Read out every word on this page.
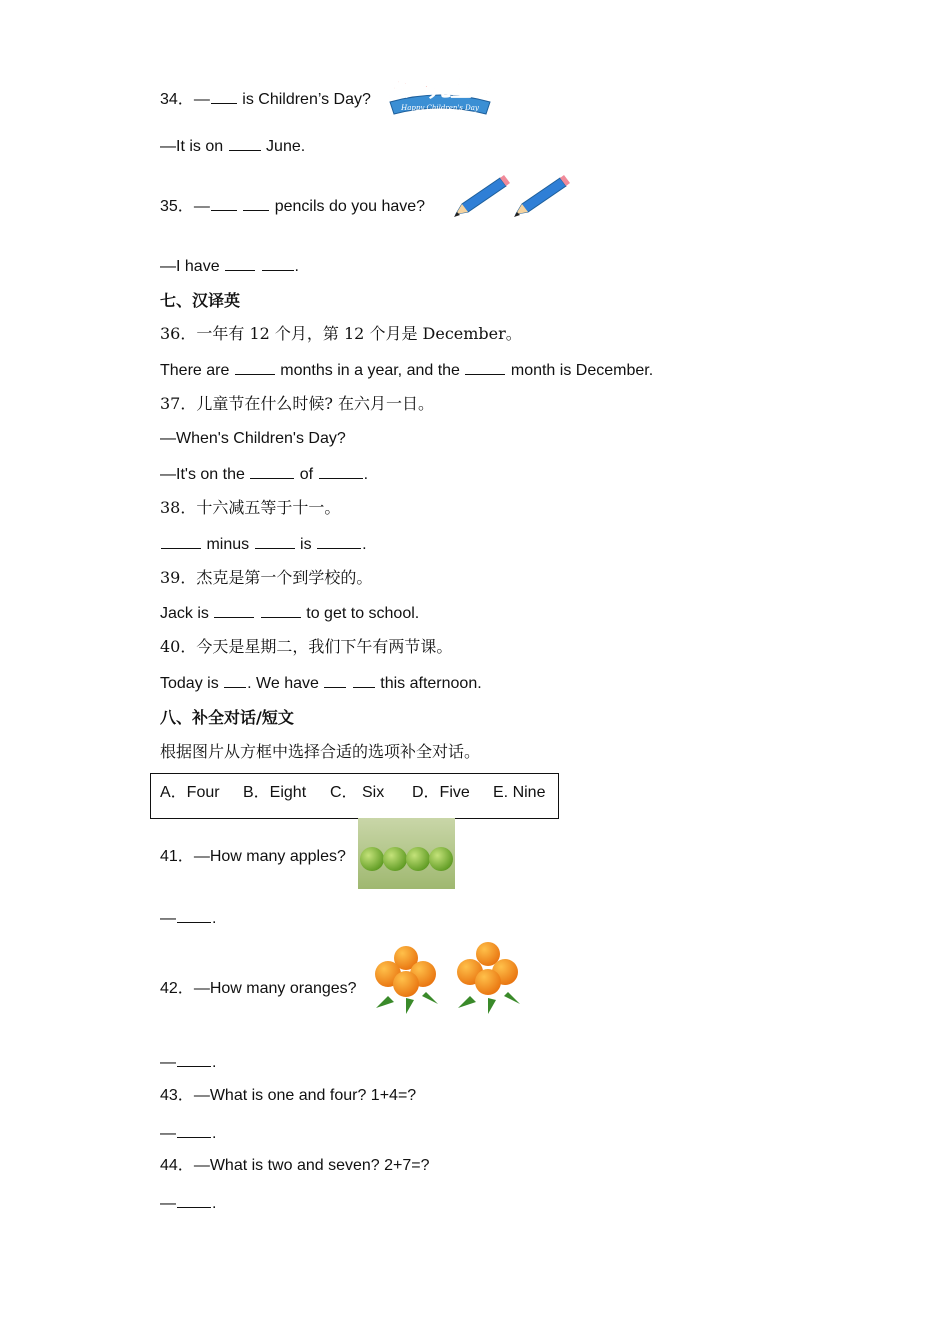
34．— is Children’s Day?	Happy Children's Day
六一儿童节
—It is on  June.
35．—	pencils do you have?
—I have	.
七、汉译英
36．一年有 12 个月，第 12 个月是 December。
There are	months in a year, and the	month is December.
37．儿童节在什么时候? 在六月一日。
—When's Children's Day?
—It's on the	of	.
38．十六减五等于十一。
minus	is	.
39．杰克是第一个到学校的。
Jack is	to get to school.
40．今天是星期二，我们下午有两节课。
Today is . We have	this afternoon.
八、补全对话/短文
根据图片从方框中选择合适的选项补全对话。
A．Four B．Eight C． Six D．Five E. Nine
41．—How many apples?
— .
42．—How many oranges?
— .
43．—What is one and four? 1+4=?
— .
44．—What is two and seven? 2+7=?
— .
